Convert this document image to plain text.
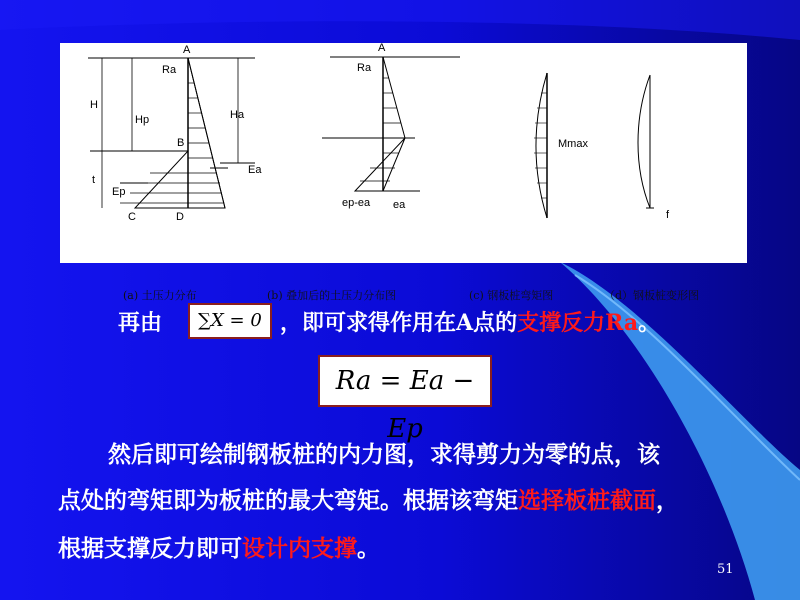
A
Ra
H
Hp	Ha
B
Ea
t
Ep
C	D
A
Ra
ep-ea ea
Mmax
f
(a) 土压力分布	(b) 叠加后的土压力分布图	(c) 钢板桩弯矩图	（d）钢板桩变形图
再由	∑X = 0 ，即可求得作用在A点的支撑反力Ra。
Ra = Ea − Ep
然后即可绘制钢板桩的内力图，求得剪力为零的点，该
点处的弯矩即为板桩的最大弯矩。根据该弯矩选择板桩截面，
根据支撑反力即可设计内支撑。
51
